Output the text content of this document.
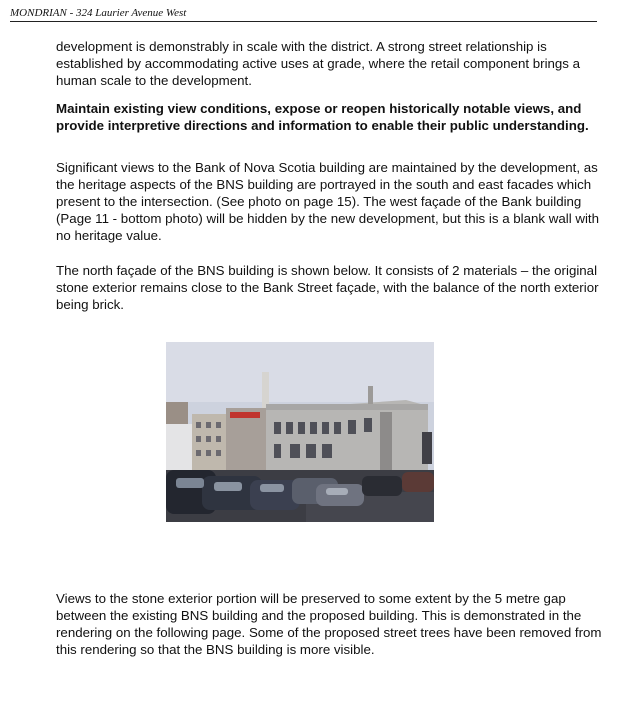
MONDRIAN - 324 Laurier Avenue West

development is demonstrably in scale with the district. A strong street relationship is established by accommodating active uses at grade, where the retail component brings a human scale to the development.

Maintain existing view conditions, expose or reopen historically notable views, and provide interpretive directions and information to enable their public understanding.

Significant views to the Bank of Nova Scotia building are maintained by the development, as the heritage aspects of the BNS building are portrayed in the south and east facades which present to the intersection. (See photo on page 15). The west façade of the Bank building (Page 11 - bottom photo) will be hidden by the new development, but this is a blank wall with no heritage value.

The north façade of the BNS building is shown below. It consists of 2 materials – the original stone exterior remains close to the Bank Street façade, with the balance of the north exterior being brick.

Views to the stone exterior portion will be preserved to some extent by the 5 metre gap between the existing BNS building and the proposed building. This is demonstrated in the rendering on the following page. Some of the proposed street trees have been removed from this rendering so that the BNS building is more visible.
